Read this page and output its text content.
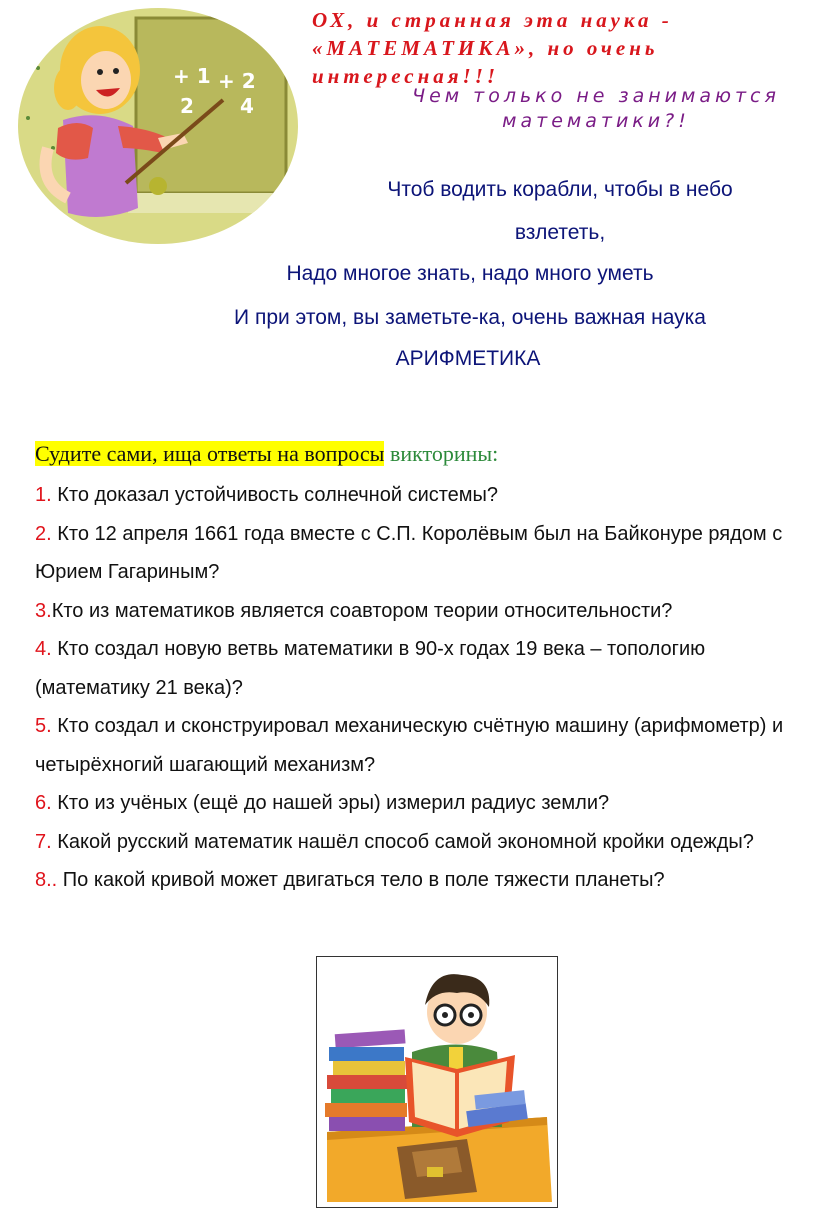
+ 1
2
+ 2
4
ОХ, и странная эта наука -
«МАТЕМАТИКА», но очень
интересная!!!
Чем только не занимаются
математики?!
Чтоб водить корабли, чтобы в небо
взлететь,
Надо многое знать, надо много уметь
И при этом, вы заметьте-ка, очень важная наука
АРИФМЕТИКА
Судите сами, ища ответы на вопросы викторины:

1. Кто доказал устойчивость солнечной системы?

2. Кто 12 апреля 1661 года вместе с С.П. Королёвым был на Байконуре рядом с Юрием Гагариным?

3.Кто из математиков является соавтором теории относительности?

4. Кто создал новую ветвь математики в 90-х годах 19 века – топологию (математику 21 века)?

5. Кто создал и сконструировал механическую счётную машину (арифмометр) и четырёхногий шагающий механизм?

6. Кто из учёных (ещё до нашей эры) измерил радиус земли?

7. Какой русский математик нашёл способ самой экономной кройки одежды?

8.. По какой кривой может двигаться тело в поле тяжести планеты?
